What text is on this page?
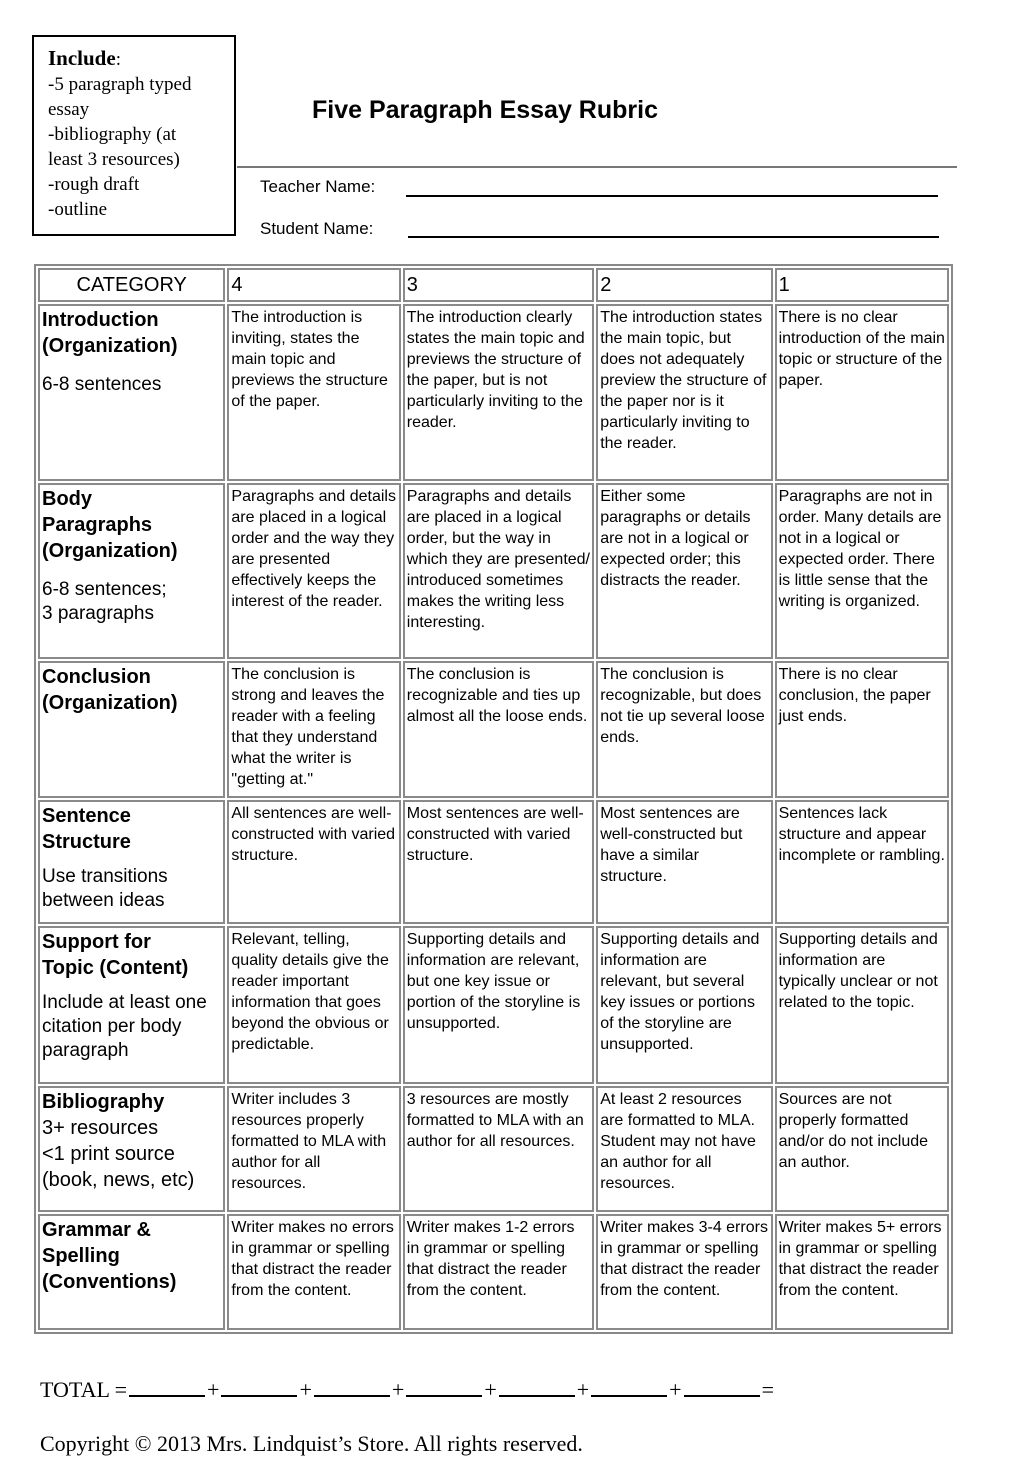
Include:
-5 paragraph typed
essay
-bibliography (at
least 3 resources)
-rough draft
-outline
Five Paragraph Essay Rubric
Teacher Name:
Student Name:
CATEGORY	4	3	2	1

Introduction
(Organization)
6-8 sentences	The introduction is inviting, states the main topic and previews the structure of the paper.	The introduction clearly states the main topic and previews the structure of the paper, but is not particularly inviting to the reader.	The introduction states the main topic, but does not adequately preview the structure of the paper nor is it particularly inviting to the reader.	There is no clear introduction of the main topic or structure of the paper.

Body
Paragraphs
(Organization)
6-8 sentences;
3 paragraphs	Paragraphs and details are placed in a logical order and the way they are presented effectively keeps the interest of the reader.	Paragraphs and details are placed in a logical order, but the way in which they are presented/ introduced sometimes makes the writing less interesting.	Either some paragraphs or details are not in a logical or expected order; this distracts the reader.	Paragraphs are not in order. Many details are not in a logical or expected order. There is little sense that the writing is organized.

Conclusion
(Organization)	The conclusion is strong and leaves the reader with a feeling that they understand what the writer is "getting at."	The conclusion is recognizable and ties up almost all the loose ends.	The conclusion is recognizable, but does not tie up several loose ends.	There is no clear conclusion, the paper just ends.

Sentence
Structure
Use transitions
between ideas	All sentences are well-constructed with varied structure.	Most sentences are well-constructed with varied structure.	Most sentences are well-constructed but have a similar structure.	Sentences lack structure and appear incomplete or rambling.

Support for
Topic (Content)
Include at least one
citation per body
paragraph	Relevant, telling, quality details give the reader important information that goes beyond the obvious or predictable.	Supporting details and information are relevant, but one key issue or portion of the storyline is unsupported.	Supporting details and information are relevant, but several key issues or portions of the storyline are unsupported.	Supporting details and information are typically unclear or not related to the topic.

Bibliography
3+ resources
<1 print source
(book, news, etc)	Writer includes 3 resources properly formatted to MLA with author for all resources.	3 resources are mostly formatted to MLA with an author for all resources.	At least 2 resources are formatted to MLA. Student may not have an author for all resources.	Sources are not properly formatted and/or do not include an author.

Grammar &
Spelling
(Conventions)	Writer makes no errors in grammar or spelling that distract the reader from the content.	Writer makes 1-2 errors in grammar or spelling that distract the reader from the content.	Writer makes 3-4 errors in grammar or spelling that distract the reader from the content.	Writer makes 5+ errors in grammar or spelling that distract the reader from the content.
TOTAL =	+	+	+	+	+	+	=
Copyright © 2013 Mrs. Lindquist’s Store. All rights reserved.
